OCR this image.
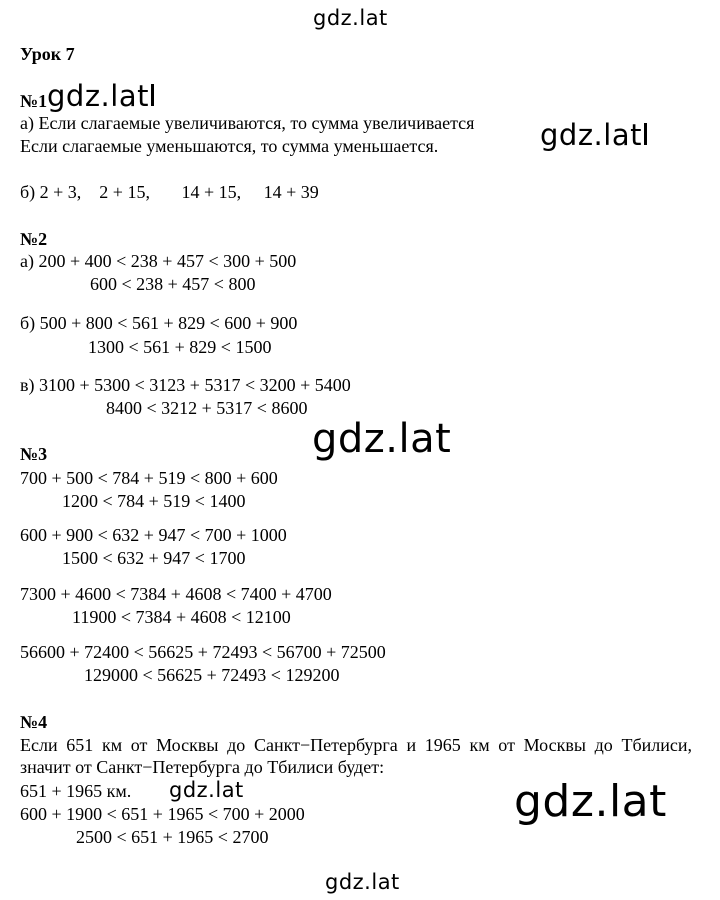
gdz.lat
Урок 7
№1 gdz.lat
а) Если слагаемые увеличиваются, то сумма увеличивается
Если слагаемые уменьшаются, то сумма уменьшается.	gdz.lat
б) 2 + 3,    2 + 15,       14 + 15,     14 + 39
№2
а) 200 + 400 < 238 + 457 < 300 + 500
600 < 238 + 457 < 800
б) 500 + 800 < 561 + 829 < 600 + 900
1300 < 561 + 829 < 1500
в) 3100 + 5300 < 3123 + 5317 < 3200 + 5400
8400 < 3212 + 5317 < 8600
gdz.lat
№3
700 + 500 < 784 + 519 < 800 + 600
1200 < 784 + 519 < 1400
600 + 900 < 632 + 947 < 700 + 1000
1500 < 632 + 947 < 1700
7300 + 4600 < 7384 + 4608 < 7400 + 4700
11900 < 7384 + 4608 < 12100
56600 + 72400 < 56625 + 72493 < 56700 + 72500
129000 < 56625 + 72493 < 129200
№4
Если 651 км от Москвы до Санкт−Петербурга и 1965 км от Москвы до Тбилиси, значит от Санкт−Петербурга до Тбилиси будет:
gdz.lat
651 + 1965 км.
600 + 1900 < 651 + 1965 < 700 + 2000
2500 < 651 + 1965 < 2700
gdz.lat
gdz.lat
